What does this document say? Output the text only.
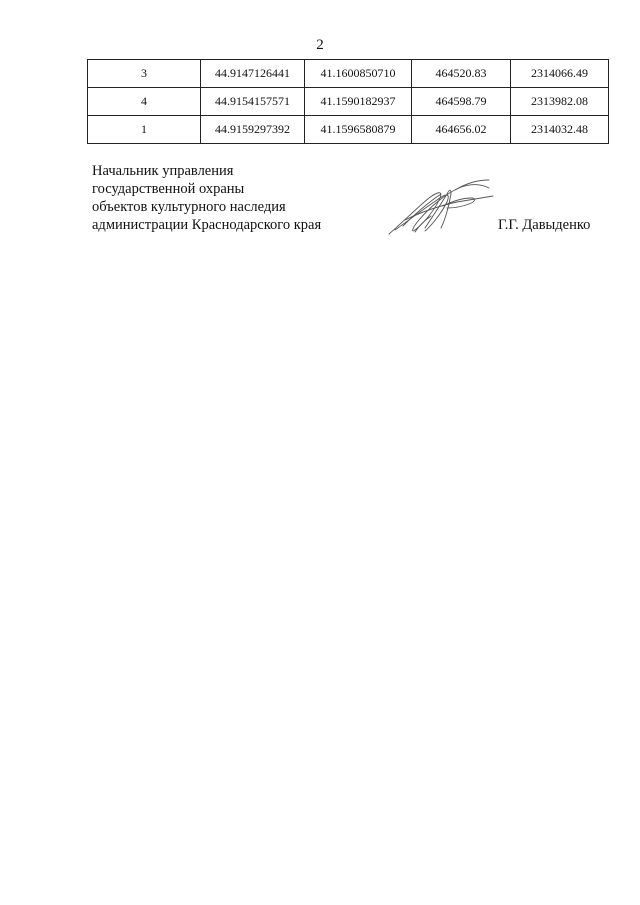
2
3	44.9147126441	41.1600850710	464520.83	2314066.49
4	44.9154157571	41.1590182937	464598.79	2313982.08
1	44.9159297392	41.1596580879	464656.02	2314032.48
Начальник управления
государственной охраны
объектов культурного наследия
администрации Краснодарского края	Г.Г. Давыденко
